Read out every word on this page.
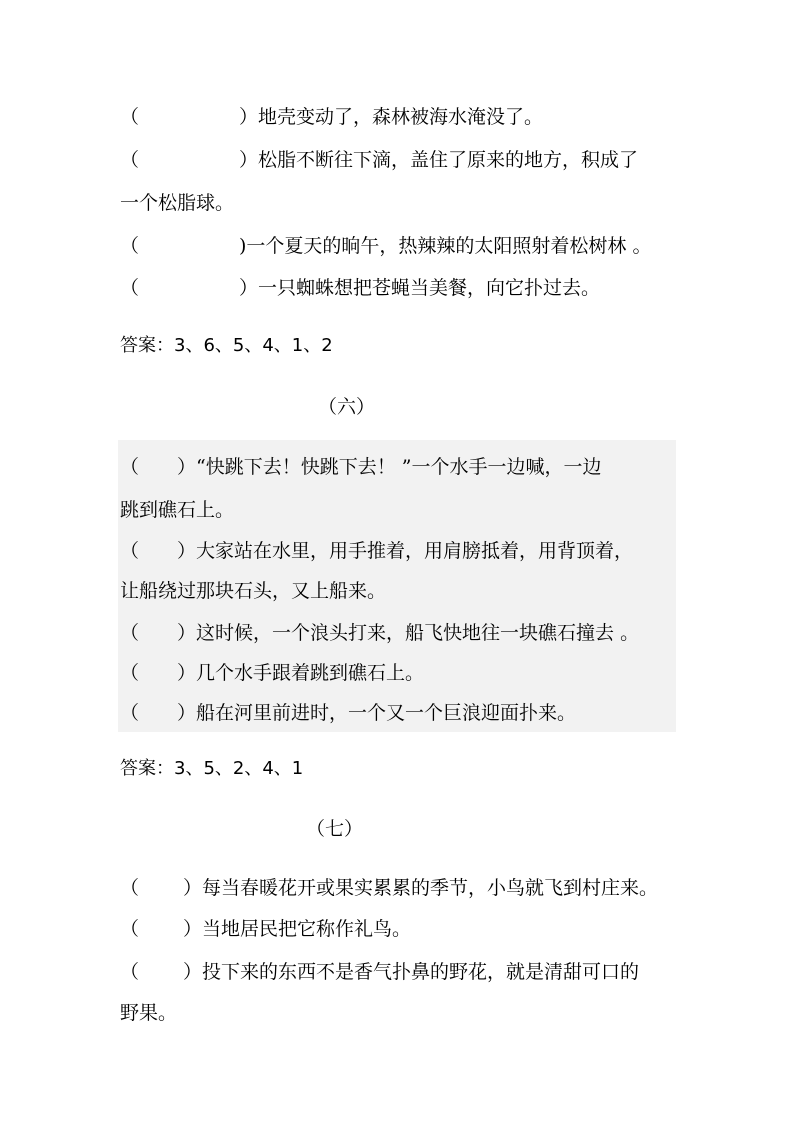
（	）地壳变动了，森林被海水淹没了。
（	）松脂不断往下滴，盖住了原来的地方，积成了
一个松脂球。
（	)一个夏天的晌午，热辣辣的太阳照射着松树林 。
（	）一只蜘蛛想把苍蝇当美餐，向它扑过去。
答案：3、6、5、4、1、2
（六）
（ ）“快跳下去！快跳下去！ ”一个水手一边喊，一边
跳到礁石上。
（ ）大家站在水里，用手推着，用肩膀抵着，用背顶着，
让船绕过那块石头，又上船来。
（ ）这时候，一个浪头打来，船飞快地往一块礁石撞去 。
（ ）几个水手跟着跳到礁石上。
（ ）船在河里前进时，一个又一个巨浪迎面扑来。
答案：3、5、2、4、1
（七）
（ ）每当春暖花开或果实累累的季节，小鸟就飞到村庄来。
（ ）当地居民把它称作礼鸟。
（ ）投下来的东西不是香气扑鼻的野花，就是清甜可口的
野果。
